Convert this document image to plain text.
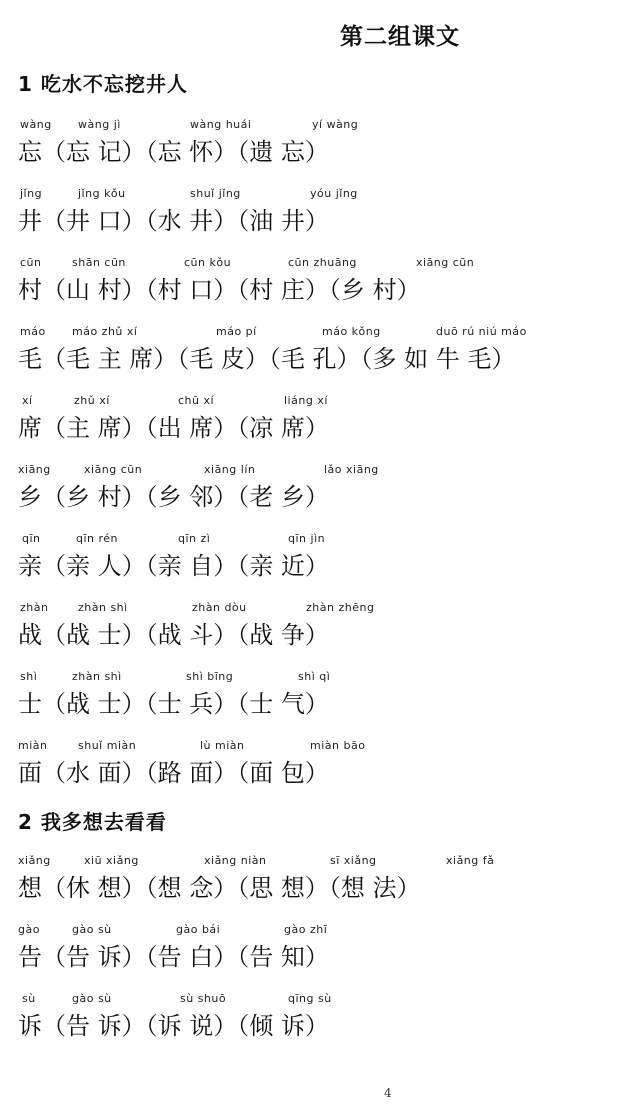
第二组课文
1 吃水不忘挖井人
2 我多想去看看
wàng wàng jì	wàng huái	yí wàng
忘（忘 记）（忘 怀）（遗 忘）
jǐng	jǐng kǒu	shuǐ jǐng	yóu jǐng
井（井 口）（水 井）（油 井）
cūn	shān cūn	cūn kǒu	cūn zhuāng	xiāng cūn
村（山 村）（村 口）（村 庄）（乡 村）
máo máo zhǔ xí	máo pí	máo kǒng	duō rú niú máo
毛（毛 主 席）（毛 皮）（毛 孔）（多 如 牛 毛）
xí	zhǔ xí	chū xí	liáng xí
席（主 席）（出 席）（凉 席）
xiāng	xiāng cūn	xiāng lín	lǎo xiāng
乡（乡 村）（乡 邻）（老 乡）
qīn	qīn rén	qīn zì	qīn jìn
亲（亲 人）（亲 自）（亲 近）
zhàn	zhàn shì	zhàn dòu	zhàn zhēng
战（战 士）（战 斗）（战 争）
shì	zhàn shì	shì bīng	shì qì
士（战 士）（士 兵）（士 气）
miàn	shuǐ miàn	lù miàn	miàn bāo
面（水 面）（路 面）（面 包）
xiǎng	xiū xiǎng	xiǎng niàn	sī xiǎng	xiǎng fǎ
想（休 想）（想 念）（思 想）（想 法）
gào	gào sù	gào bái	gào zhī
告（告 诉）（告 白）（告 知）
sù	gào sù	sù shuō	qīng sù
诉（告 诉）（诉 说）（倾 诉）
4
